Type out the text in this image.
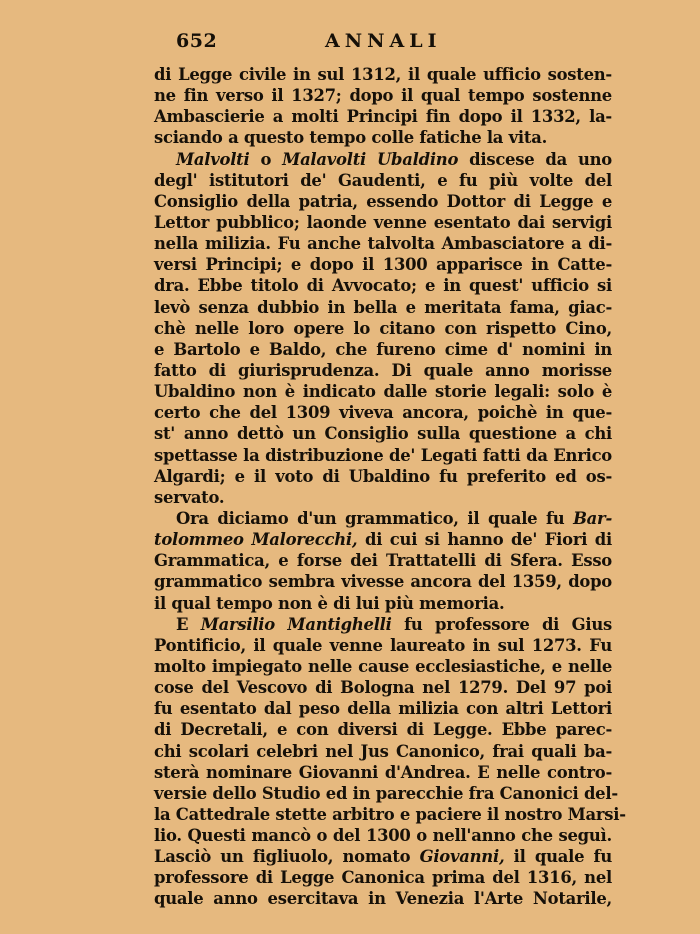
652	ANNALI
di Legge civile in sul 1312, il quale ufficio sosten-
ne fin verso il 1327; dopo il qual tempo sostenne
Ambascierie a molti Principi fin dopo il 1332, la-
sciando a questo tempo colle fatiche la vita.
Malvolti o Malavolti Ubaldino discese da uno
degl' istitutori de' Gaudenti, e fu più volte del
Consiglio della patria, essendo Dottor di Legge e
Lettor pubblico; laonde venne esentato dai servigi
nella milizia. Fu anche talvolta Ambasciatore a di-
versi Principi; e dopo il 1300 apparisce in Catte-
dra. Ebbe titolo di Avvocato; e in quest' ufficio si
levò senza dubbio in bella e meritata fama, giac-
chè nelle loro opere lo citano con rispetto Cino,
e Bartolo e Baldo, che fureno cime d' nomini in
fatto di giurisprudenza. Di quale anno morisse
Ubaldino non è indicato dalle storie legali: solo è
certo che del 1309 viveva ancora, poichè in que-
st' anno dettò un Consiglio sulla questione a chi
spettasse la distribuzione de' Legati fatti da Enrico
Algardi; e il voto di Ubaldino fu preferito ed os-
servato.
Ora diciamo d'un grammatico, il quale fu Bar-
tolommeo Malorecchi, di cui si hanno de' Fiori di
Grammatica, e forse dei Trattatelli di Sfera. Esso
grammatico sembra vivesse ancora del 1359, dopo
il qual tempo non è di lui più memoria.
E Marsilio Mantighelli fu professore di Gius
Pontificio, il quale venne laureato in sul 1273. Fu
molto impiegato nelle cause ecclesiastiche, e nelle
cose del Vescovo di Bologna nel 1279. Del 97 poi
fu esentato dal peso della milizia con altri Lettori
di Decretali, e con diversi di Legge. Ebbe parec-
chi scolari celebri nel Jus Canonico, frai quali ba-
sterà nominare Giovanni d'Andrea. E nelle contro-
versie dello Studio ed in parecchie fra Canonici del-
la Cattedrale stette arbitro e paciere il nostro Marsi-
lio. Questi mancò o del 1300 o nell'anno che seguì.
Lasciò un figliuolo, nomato Giovanni, il quale fu
professore di Legge Canonica prima del 1316, nel
quale anno esercitava in Venezia l'Arte Notarile,
